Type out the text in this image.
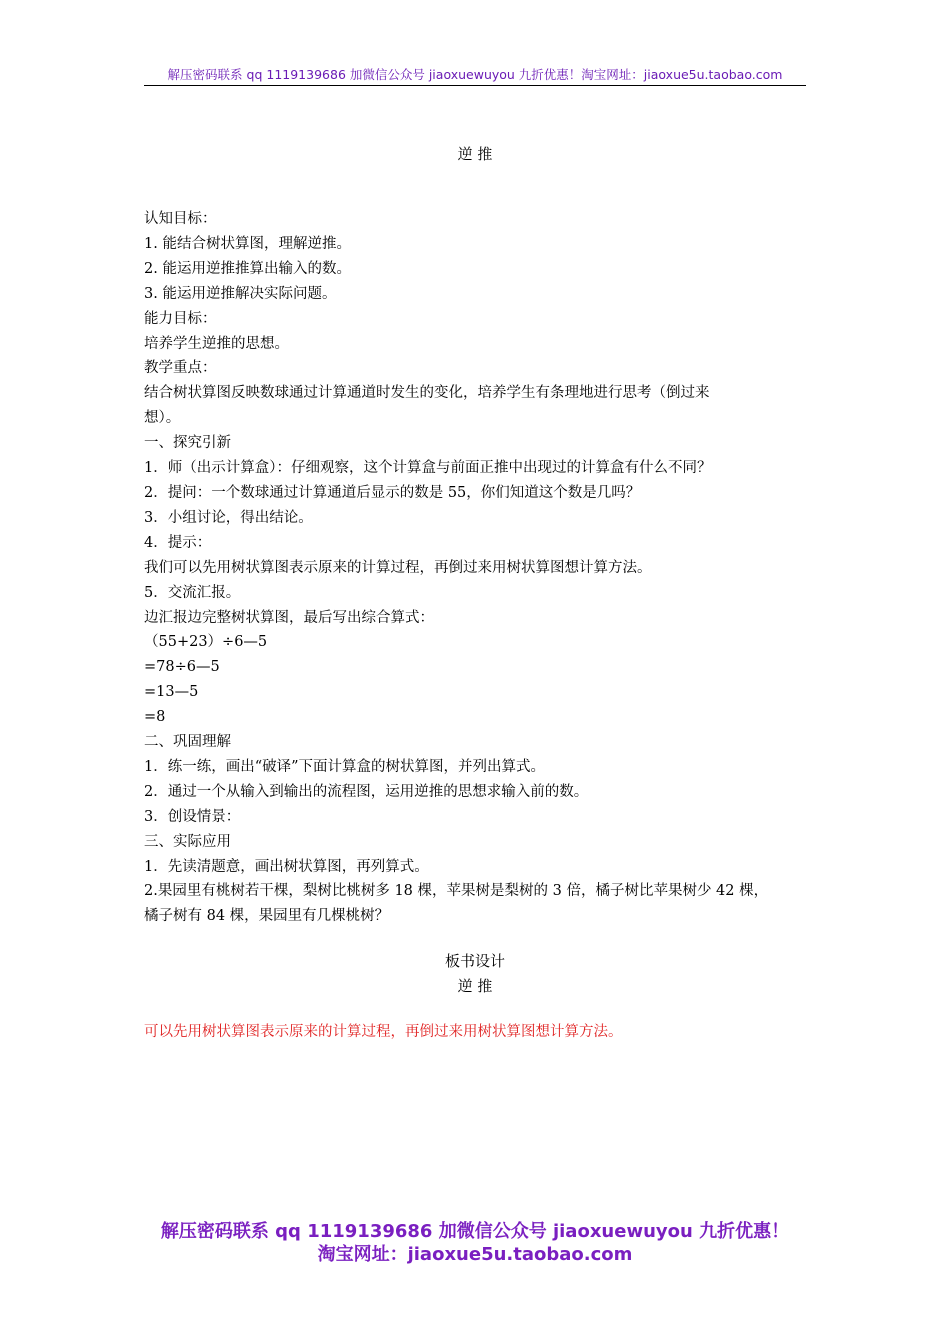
解压密码联系 qq 1119139686 加微信公众号 jiaoxuewuyou 九折优惠！淘宝网址：jiaoxue5u.taobao.com
逆 推

认知目标：

1. 能结合树状算图，理解逆推。

2. 能运用逆推推算出输入的数。

3. 能运用逆推解决实际问题。

能力目标：

培养学生逆推的思想。

教学重点：

结合树状算图反映数球通过计算通道时发生的变化，培养学生有条理地进行思考（倒过来

想）。

一、探究引新

1．师（出示计算盒）：仔细观察，这个计算盒与前面正推中出现过的计算盒有什么不同？

2．提问：一个数球通过计算通道后显示的数是 55，你们知道这个数是几吗？

3．小组讨论，得出结论。

4．提示：

我们可以先用树状算图表示原来的计算过程，再倒过来用树状算图想计算方法。

5．交流汇报。

边汇报边完整树状算图，最后写出综合算式：

（55+23）÷6—5

=78÷6—5

=13—5

=8

二、巩固理解

1．练一练，画出“破译”下面计算盒的树状算图，并列出算式。

2．通过一个从输入到输出的流程图，运用逆推的思想求输入前的数。

3．创设情景：

三、实际应用

1．先读清题意，画出树状算图，再列算式。

2.果园里有桃树若干棵，梨树比桃树多 18 棵，苹果树是梨树的 3 倍，橘子树比苹果树少 42 棵，

橘子树有 84 棵，果园里有几棵桃树？

板书设计
逆 推
可以先用树状算图表示原来的计算过程，再倒过来用树状算图想计算方法。
解压密码联系 qq 1119139686 加微信公众号 jiaoxuewuyou 九折优惠！
淘宝网址：jiaoxue5u.taobao.com
